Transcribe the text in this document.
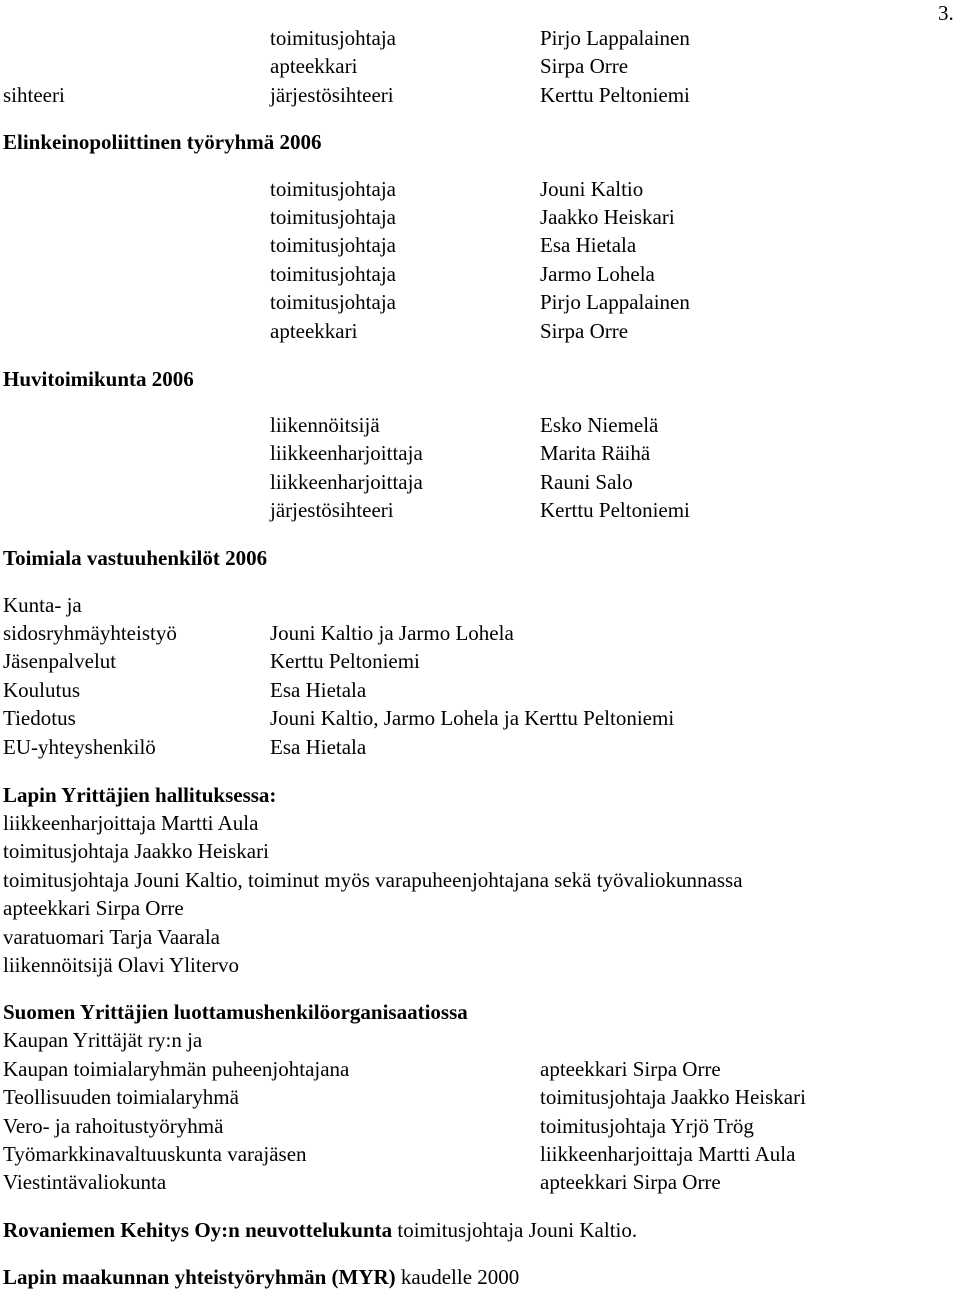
3.
toimitusjohtaja	Pirjo Lappalainen
apteekkari	Sirpa Orre
sihteeri	järjestösihteeri	Kerttu Peltoniemi
Elinkeinopoliittinen työryhmä 2006
toimitusjohtaja	Jouni Kaltio
toimitusjohtaja	Jaakko Heiskari
toimitusjohtaja	Esa Hietala
toimitusjohtaja	Jarmo Lohela
toimitusjohtaja	Pirjo Lappalainen
apteekkari	Sirpa Orre
Huvitoimikunta 2006
liikennöitsijä	Esko Niemelä
liikkeenharjoittaja	Marita Räihä
liikkeenharjoittaja	Rauni Salo
järjestösihteeri	Kerttu Peltoniemi
Toimiala vastuuhenkilöt 2006
Kunta- ja
sidosryhmäyhteistyö	Jouni Kaltio ja Jarmo Lohela
Jäsenpalvelut	Kerttu Peltoniemi
Koulutus	Esa Hietala
Tiedotus	Jouni Kaltio, Jarmo Lohela ja Kerttu Peltoniemi
EU-yhteyshenkilö	Esa Hietala
Lapin Yrittäjien hallituksessa:
liikkeenharjoittaja Martti Aula
toimitusjohtaja Jaakko Heiskari
toimitusjohtaja Jouni Kaltio, toiminut myös varapuheenjohtajana sekä työvaliokunnassa
apteekkari Sirpa Orre
varatuomari Tarja Vaarala
liikennöitsijä Olavi Ylitervo
Suomen Yrittäjien luottamushenkilöorganisaatiossa
Kaupan Yrittäjät ry:n ja
Kaupan toimialaryhmän puheenjohtajana	apteekkari Sirpa Orre
Teollisuuden toimialaryhmä	toimitusjohtaja Jaakko Heiskari
Vero- ja rahoitustyöryhmä	toimitusjohtaja Yrjö Trög
Työmarkkinavaltuuskunta varajäsen	liikkeenharjoittaja Martti Aula
Viestintävaliokunta	apteekkari Sirpa Orre
Rovaniemen Kehitys Oy:n neuvottelukunta toimitusjohtaja Jouni Kaltio.
Lapin maakunnan yhteistyöryhmän (MYR) kaudelle 2000
